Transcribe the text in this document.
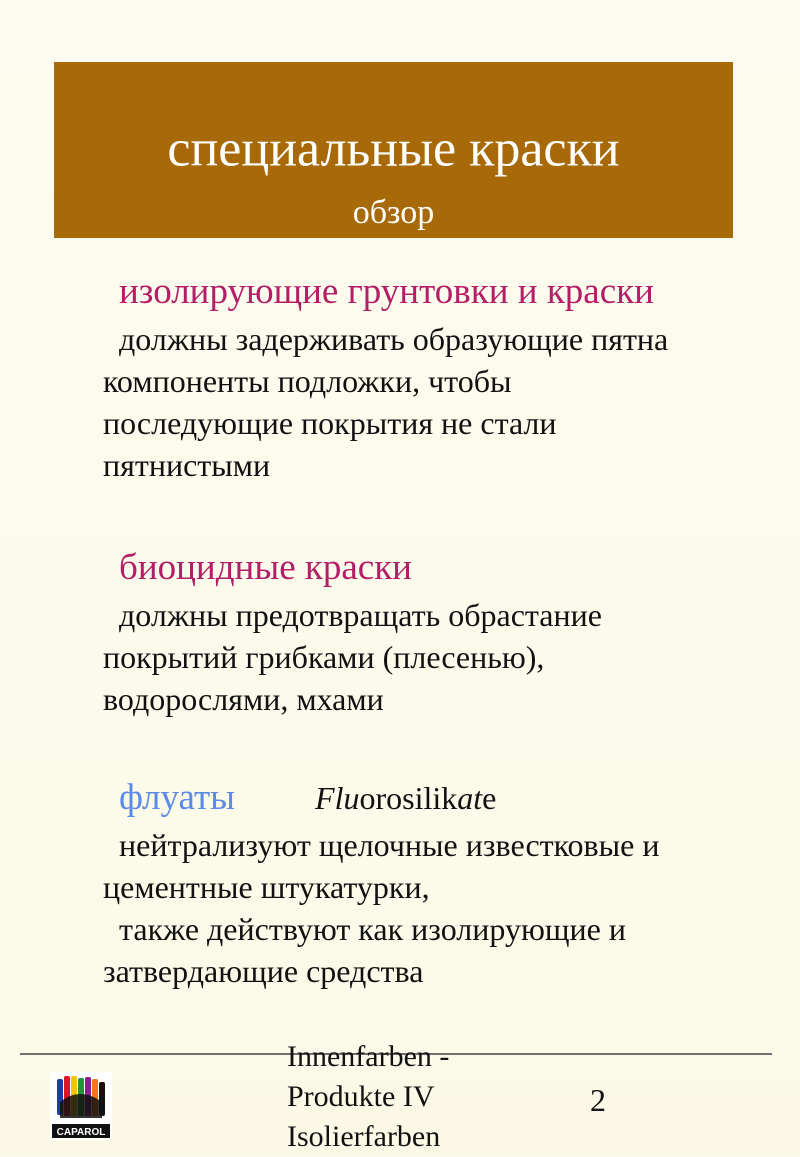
специальные краски
обзор

изолирующие грунтовки и краски

должны задерживать образующие пятна
компоненты подложки, чтобы
последующие покрытия не стали
пятнистыми

биоцидные краски

должны предотвращать обрастание
покрытий грибками (плесенью),
водорослями, мхами

флуаты	Fluorosilikate

нейтрализуют щелочные известковые и
цементные штукатурки,
также действуют как изолирующие и
затвердающие средства

CAPAROL
Innenfarben -
Produkte IV
Isolierfarben
2
